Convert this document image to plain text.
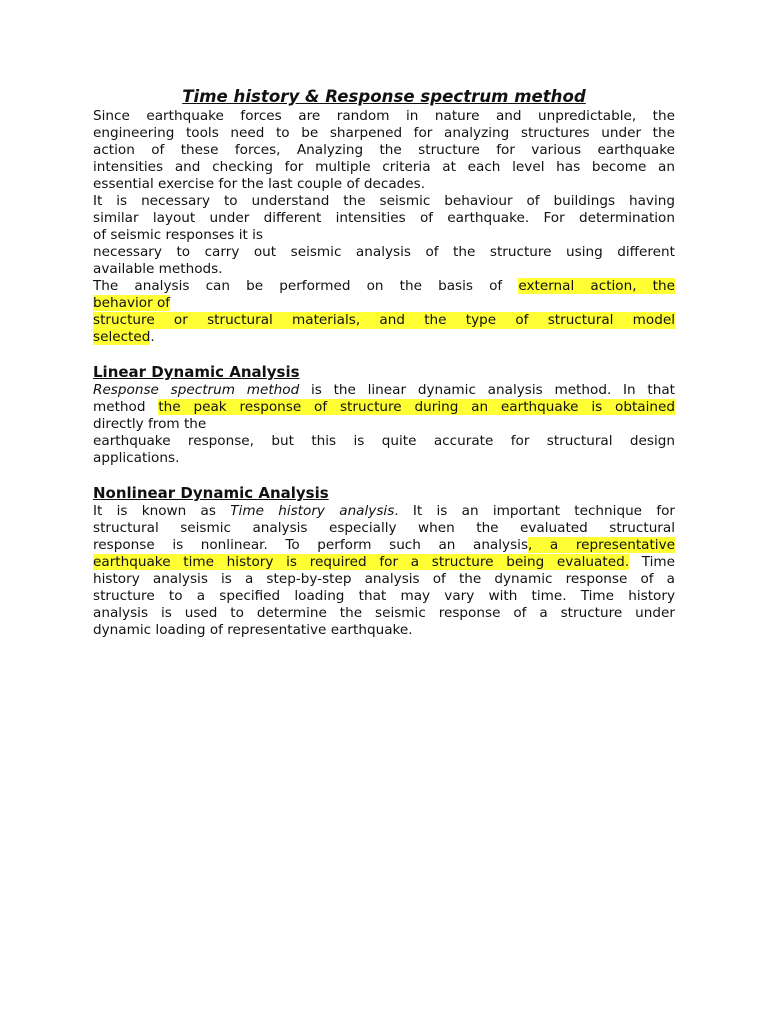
Time history & Response spectrum method

Since earthquake forces are random in nature and unpredictable, the
engineering tools need to be sharpened for analyzing structures under the
action of these forces, Analyzing the structure for various earthquake
intensities and checking for multiple criteria at each level has become an
essential exercise for the last couple of decades.
It is necessary to understand the seismic behaviour of buildings having
similar layout under different intensities of earthquake. For determination
of seismic responses it is
necessary to carry out seismic analysis of the structure using different
available methods.
The analysis can be performed on the basis of external action, the
behavior of
structure or structural materials, and the type of structural model
selected.

Linear Dynamic Analysis

Response spectrum method is the linear dynamic analysis method. In that
method the peak response of structure during an earthquake is obtained
directly from the
earthquake response, but this is quite accurate for structural design
applications.

Nonlinear Dynamic Analysis

It is known as Time history analysis. It is an important technique for
structural seismic analysis especially when the evaluated structural
response is nonlinear. To perform such an analysis, a representative
earthquake time history is required for a structure being evaluated. Time
history analysis is a step-by-step analysis of the dynamic response of a
structure to a specified loading that may vary with time. Time history
analysis is used to determine the seismic response of a structure under
dynamic loading of representative earthquake.
